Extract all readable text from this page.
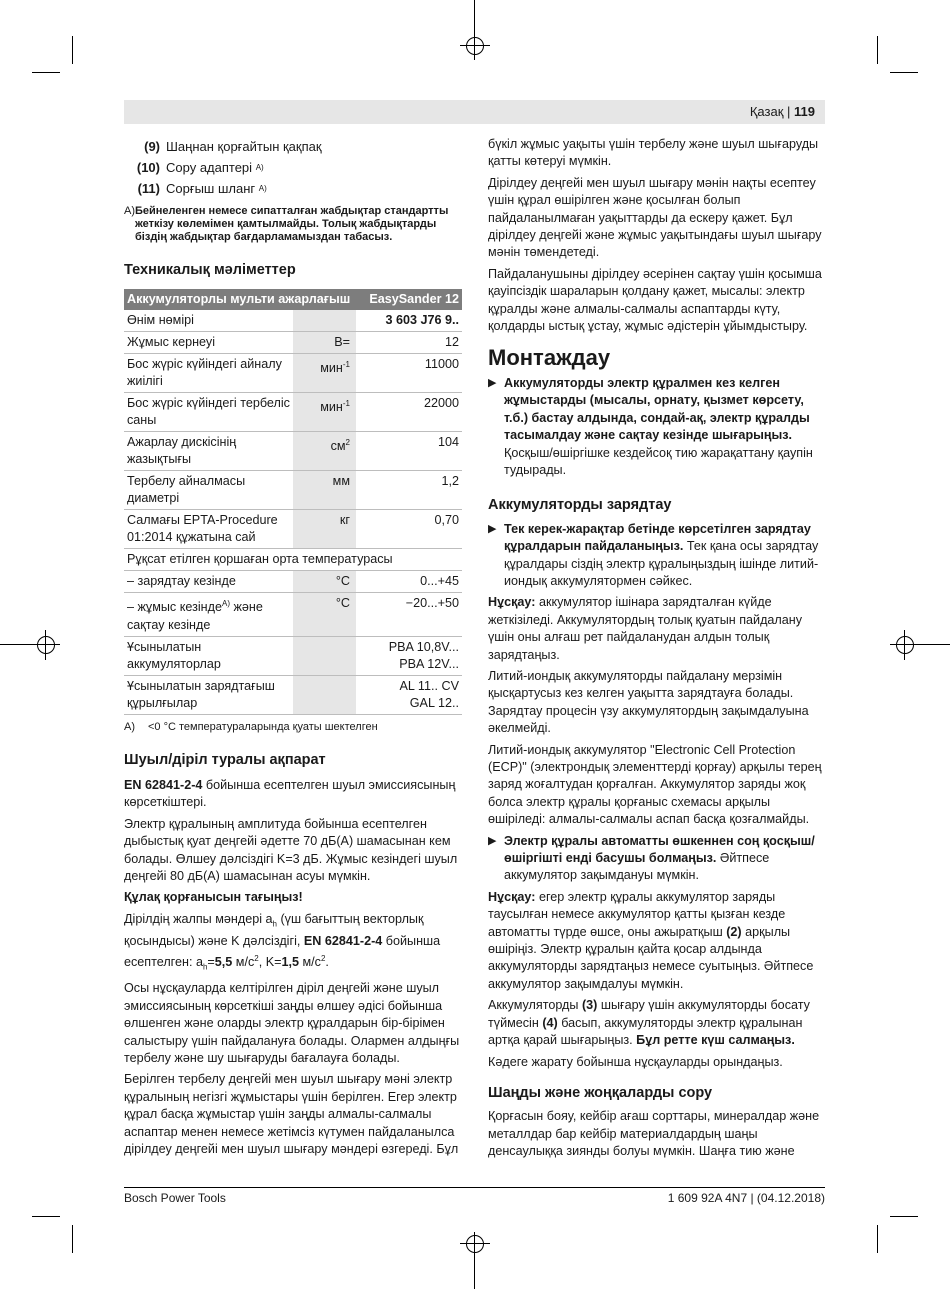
Қазақ | 119
(9) Шаңнан қорғайтын қақпақ
(10) Сору адаптері
A)
(11) Сорғыш шланг
A)
A) Бейнеленген немесе сипатталған жабдықтар стандартты жеткізу көлемімен қамтылмайды. Толық жабдықтарды біздің жабдықтар бағдарламамыздан табасыз.
Техникалық мәліметтер
Аккумуляторлы мульти ажарлағыш		EasySander 12
Өнім нөмірі		3 603 J76 9..
Жұмыс кернеуі	В=	12
Бос жүріс күйіндегі айналу жиілігі	мин$^{-1}$	11000
Бос жүріс күйіндегі тербеліс саны	мин$^{-1}$	22000
Ажарлау дискісінің жазықтығы	$см^2$	104
Тербелу айналмасы диаметрі	мм	1,2
Салмағы EPTA-Procedure 01:2014 құжатына сай	кг	0,70
Рұқсат етілген қоршаған орта температурасы		
– зарядтау кезінде	°C	0...+45
– жұмыс кезінде$^{A)}$ және сақтау кезінде	°C	−20...+50
Ұсынылатын аккумуляторлар		PBA 10,8V...
PBA 12V...

Ұсынылатын зарядтағыш құрылғылар		AL 11.. CV
GAL 12..
A)	<0 °C температураларында қуаты шектелген
Шуыл/діріл туралы ақпарат

EN 62841-2-4 бойынша есептелген шуыл эмиссиясының көрсеткіштері.

Электр құралының амплитуда бойынша есептелген дыбыстық қуат деңгейі әдетте 70 дБ(A) шамасынан кем болады. Өлшеу дәлсіздігі K=3 дБ. Жұмыс кезіндегі шуыл деңгейі 80 дБ(A) шамасынан асуы мүмкін.

Құлақ қорғанысын тағыңыз!

Дірілдің жалпы мәндері $a_h$ (үш бағыттың векторлық қосындысы) және K дәлсіздігі, EN 62841-2-4 бойынша есептелген: $a_h=5,5$ $м/с^2$, K=1,5 $м/с^2$.

Осы нұсқауларда келтірілген діріл деңгейі және шуыл эмиссиясының көрсеткіші заңды өлшеу әдісі бойынша өлшенген және оларды электр құралдарын бір-бірімен салыстыру үшін пайдалануға болады. Олармен алдыңғы тербелу және шу шығаруды бағалауға болады.

Берілген тербелу деңгейі мен шуыл шығару мәні электр құралының негізгі жұмыстары үшін берілген. Егер электр құрал басқа жұмыстар үшін заңды алмалы-салмалы аспаптар менен немесе жетімсіз күтумен пайдаланылса дірілдеу деңгейі мен шуыл шығару мәндері өзгереді. Бұл

бүкіл жұмыс уақыты үшін тербелу және шуыл шығаруды қатты көтеруі мүмкін.

Дірілдеу деңгейі мен шуыл шығару мәнін нақты есептеу үшін құрал өшірілген және қосылған болып пайдаланылмаған уақыттарды да ескеру қажет. Бұл дірілдеу деңгейі және жұмыс уақытындағы шуыл шығару мәнін төмендетеді.

Пайдаланушыны дірілдеу әсерінен сақтау үшін қосымша қауіпсіздік шараларын қолдану қажет, мысалы: электр құралды және алмалы-салмалы аспаптарды күту, қолдарды ыстық ұстау, жұмыс әдістерін ұйымдыстыру.

Монтаждау
▶ Аккумуляторды электр құралмен кез келген жұмыстарды (мысалы, орнату, қызмет көрсету, т.б.) бастау алдында, сондай-ақ, электр құралды тасымалдау және сақтау кезінде шығарыңыз. Қосқыш/өшіргішке кездейсоқ тию жарақаттану қаупін тудырады.

Аккумуляторды зарядтау
▶ Тек керек-жарақтар бетінде көрсетілген зарядтау құралдарын пайдаланыңыз. Тек қана осы зарядтау құралдары сіздің электр құралыңыздың ішінде литий-иондық аккумулятормен сәйкес.

Нұсқау: аккумулятор ішінара зарядталған күйде жеткізіледі. Аккумулятордың толық қуатын пайдалану үшін оны алғаш рет пайдаланудан алдын толық зарядтаңыз.

Литий-иондық аккумуляторды пайдалану мерзімін қысқартусыз кез келген уақытта зарядтауға болады. Зарядтау процесін үзу аккумулятордың зақымдалуына әкелмейді.

Литий-иондық аккумулятор "Electronic Cell Protection (ECP)" (электрондық элементтерді қорғау) арқылы терең заряд жоғалтудан қорғалған. Аккумулятор заряды жоқ болса электр құралы қорғаныс схемасы арқылы өшіріледі: алмалы-салмалы аспап басқа қозғалмайды.

▶ Электр құралы автоматты өшкеннен соң қосқыш/өшіргішті енді басушы болмаңыз. Әйтпесе аккумулятор зақымдануы мүмкін.

Нұсқау: егер электр құралы аккумулятор заряды таусылған немесе аккумулятор қатты қызған кезде автоматты түрде өшсе, оны ажыратқыш (2) арқылы өшіріңіз. Электр құралын қайта қосар алдында аккумуляторды зарядтаңыз немесе суытыңыз. Әйтпесе аккумулятор зақымдалуы мүмкін.

Аккумуляторды (3) шығару үшін аккумуляторды босату түймесін (4) басып, аккумуляторды электр құралынан артқа қарай шығарыңыз. Бұл ретте күш салмаңыз.

Кәдеге жарату бойынша нұсқауларды орындаңыз.

Шаңды және жоңқаларды сору

Қорғасын бояу, кейбір ағаш сорттары, минералдар және металлдар бар кейбір материалдардың шаңы денсаулыққа зиянды болуы мүмкін. Шаңға тию және

Bosch Power Tools	1 609 92A 4N7 | (04.12.2018)
